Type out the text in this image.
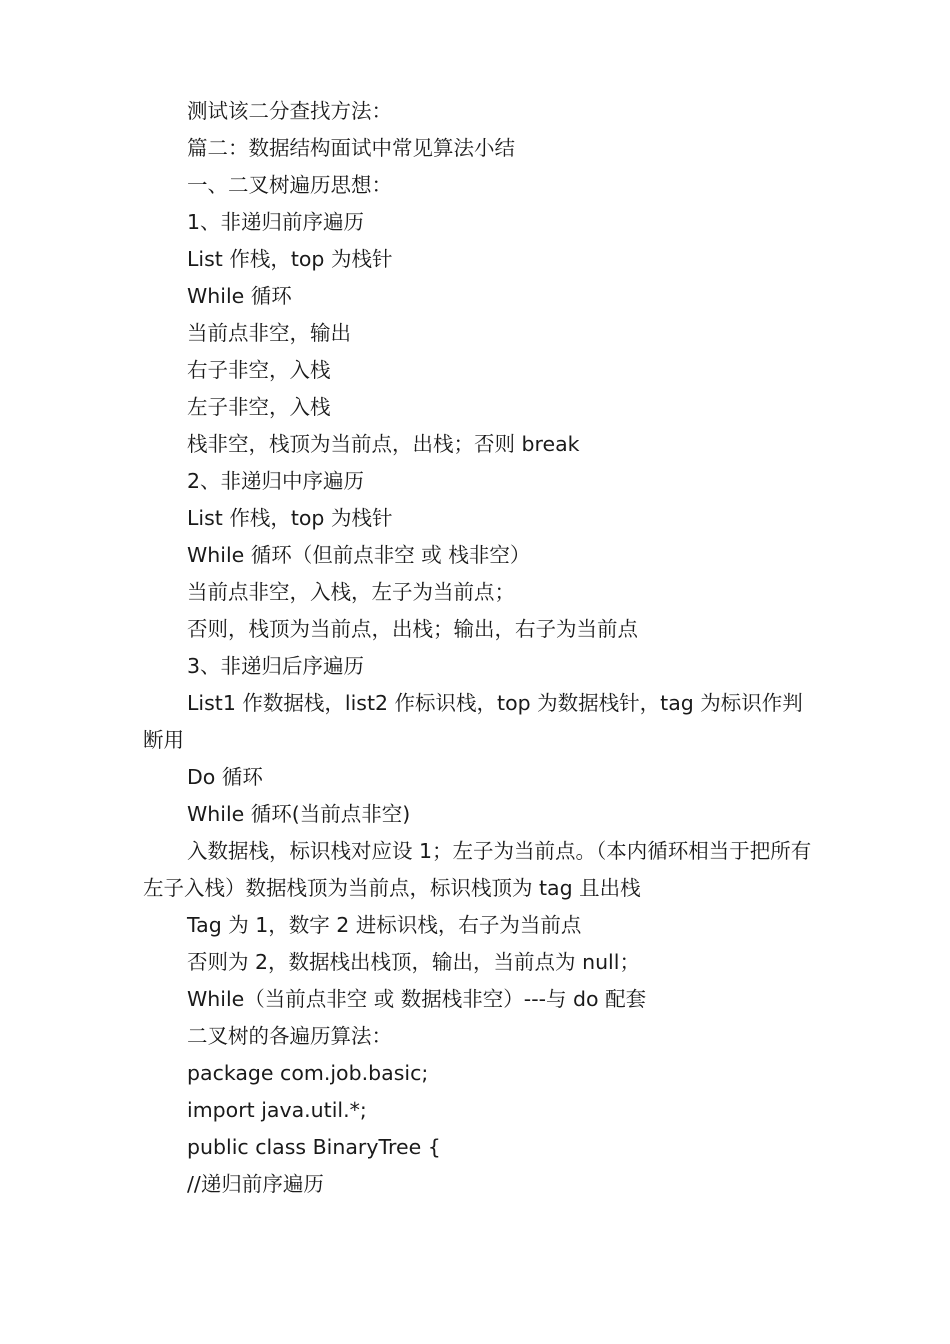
测试该二分查找方法：

篇二：数据结构面试中常见算法小结

一、二叉树遍历思想：

1、非递归前序遍历

List 作栈，top 为栈针

While 循环

当前点非空，输出

右子非空，入栈

左子非空，入栈

栈非空，栈顶为当前点，出栈；否则 break

2、非递归中序遍历

List 作栈，top 为栈针

While 循环（但前点非空 或 栈非空）

当前点非空，入栈，左子为当前点；

否则，栈顶为当前点，出栈；输出，右子为当前点

3、非递归后序遍历

List1 作数据栈，list2 作标识栈，top 为数据栈针，tag 为标识作判断用

Do 循环

While 循环(当前点非空)

入数据栈，标识栈对应设 1；左子为当前点。（本内循环相当于把所有左子入栈）数据栈顶为当前点，标识栈顶为 tag 且出栈

Tag 为 1，数字 2 进标识栈，右子为当前点

否则为 2，数据栈出栈顶，输出，当前点为 null；

While（当前点非空 或 数据栈非空）---与 do 配套

二叉树的各遍历算法：

package com.job.basic;

import java.util.*;

public class BinaryTree {

//递归前序遍历
